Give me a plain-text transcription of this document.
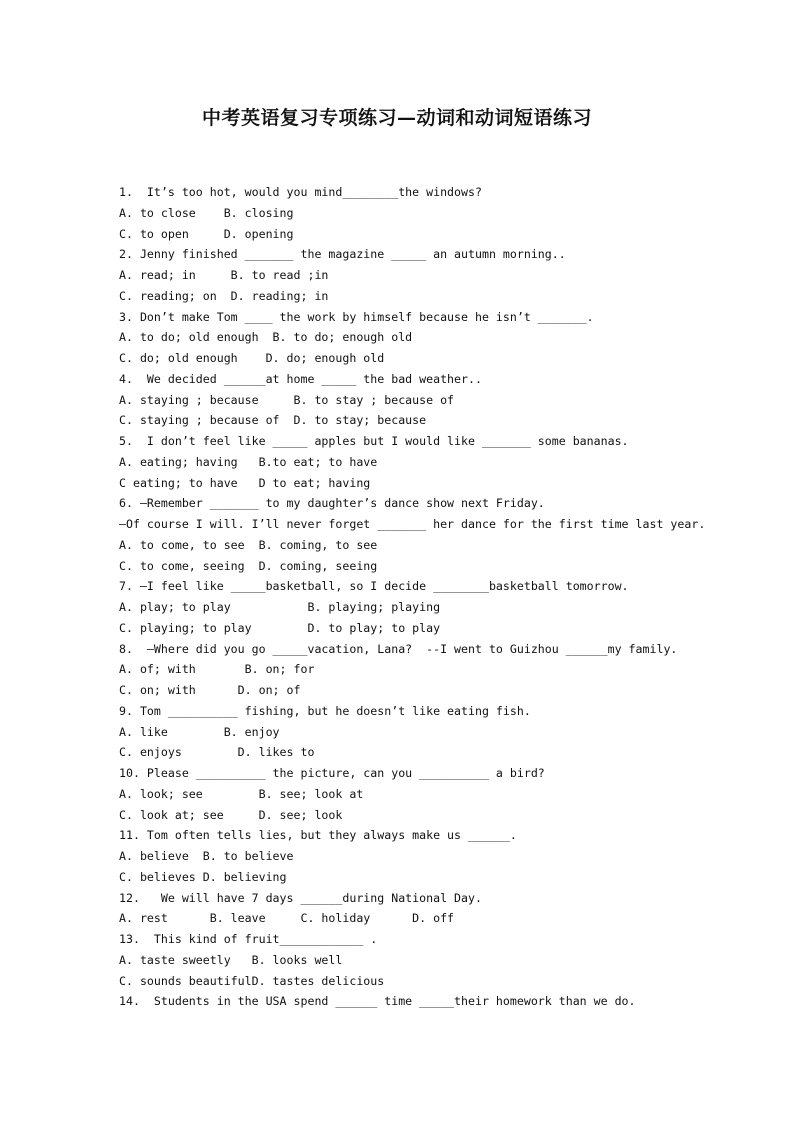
中考英语复习专项练习—动词和动词短语练习
1.  It’s too hot, would you mind________the windows?
A. to close    B. closing
C. to open     D. opening
2. Jenny finished _______ the magazine _____ an autumn morning..
A. read; in     B. to read ;in
C. reading; on  D. reading; in
3. Don’t make Tom ____ the work by himself because he isn’t _______.
A. to do; old enough  B. to do; enough old
C. do; old enough    D. do; enough old
4.  We decided ______at home _____ the bad weather..
A. staying ; because     B. to stay ; because of
C. staying ; because of  D. to stay; because
5.  I don’t feel like _____ apples but I would like _______ some bananas.
A. eating; having   B.to eat; to have
C eating; to have   D to eat; having
6. —Remember _______ to my daughter’s dance show next Friday.
—Of course I will. I’ll never forget _______ her dance for the first time last year.
A. to come, to see  B. coming, to see
C. to come, seeing  D. coming, seeing
7. –I feel like _____basketball, so I decide ________basketball tomorrow.
A. play; to play           B. playing; playing
C. playing; to play        D. to play; to play
8.  –Where did you go _____vacation, Lana?  --I went to Guizhou ______my family.
A. of; with       B. on; for
C. on; with      D. on; of
9. Tom __________ fishing, but he doesn’t like eating fish.
A. like        B. enjoy
C. enjoys        D. likes to
10. Please __________ the picture, can you __________ a bird?
A. look; see        B. see; look at
C. look at; see     D. see; look
11. Tom often tells lies, but they always make us ______.
A. believe  B. to believe
C. believes D. believing
12.   We will have 7 days ______during National Day.
A. rest      B. leave     C. holiday      D. off
13.  This kind of fruit____________ .
A. taste sweetly   B. looks well
C. sounds beautifulD. tastes delicious
14.  Students in the USA spend ______ time _____their homework than we do.
